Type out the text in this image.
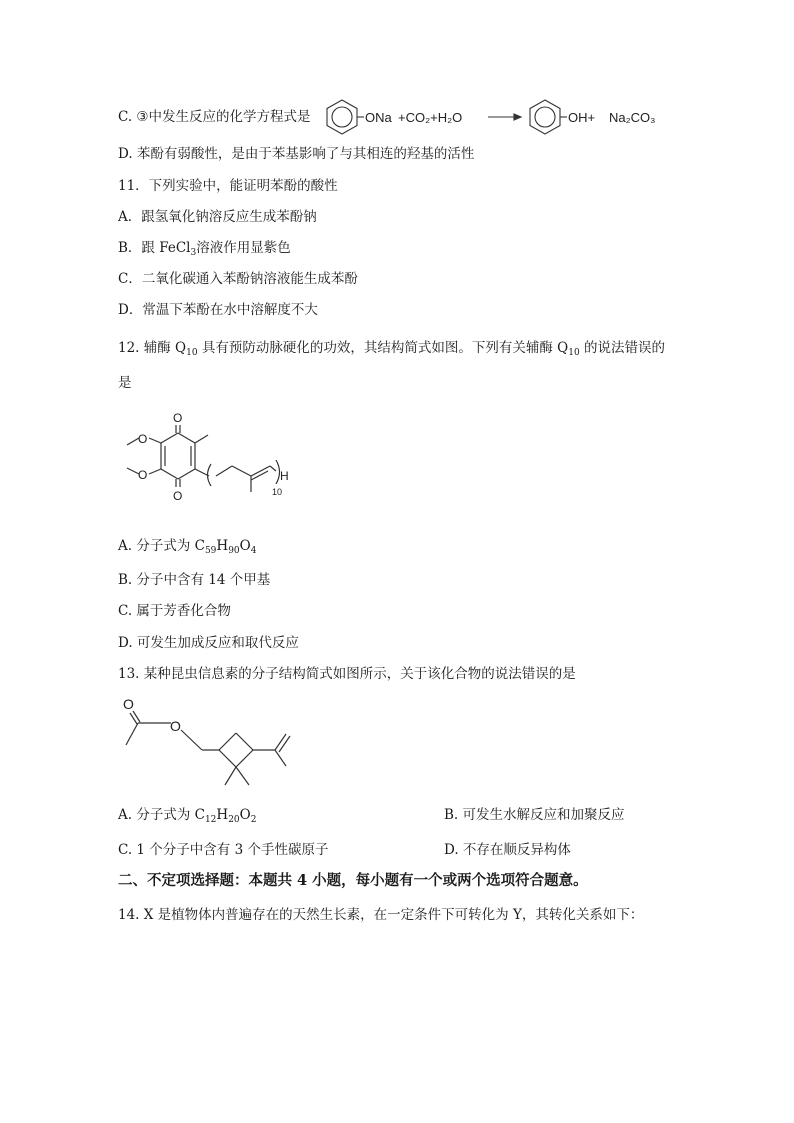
C. ③中发生反应的化学方程式是	ONa +CO₂+H₂O	OH+ Na₂CO₃
D. 苯酚有弱酸性，是由于苯基影响了与其相连的羟基的活性
11．下列实验中，能证明苯酚的酸性
A．跟氢氧化钠溶反应生成苯酚钠
B．跟 FeCl$_3$溶液作用显紫色
C．二氧化碳通入苯酚钠溶液能生成苯酚
D．常温下苯酚在水中溶解度不大
12. 辅酶 $Q_{10}$ 具有预防动脉硬化的功效，其结构简式如图。下列有关辅酶 $Q_{10}$ 的说法错误的
是
O
O
O
O	H
10
A. 分子式为 $C_{59}H_{90}O_4$
B. 分子中含有 14 个甲基
C. 属于芳香化合物
D. 可发生加成反应和取代反应
13. 某种昆虫信息素的分子结构简式如图所示，关于该化合物的说法错误的是
O
O
A. 分子式为 $C_{12}H_{20}O_2$	B. 可发生水解反应和加聚反应
C. 1 个分子中含有 3 个手性碳原子	D. 不存在顺反异构体
二、不定项选择题：本题共 4 小题，每小题有一个或两个选项符合题意。
14. X 是植物体内普遍存在的天然生长素，在一定条件下可转化为 Y，其转化关系如下：
